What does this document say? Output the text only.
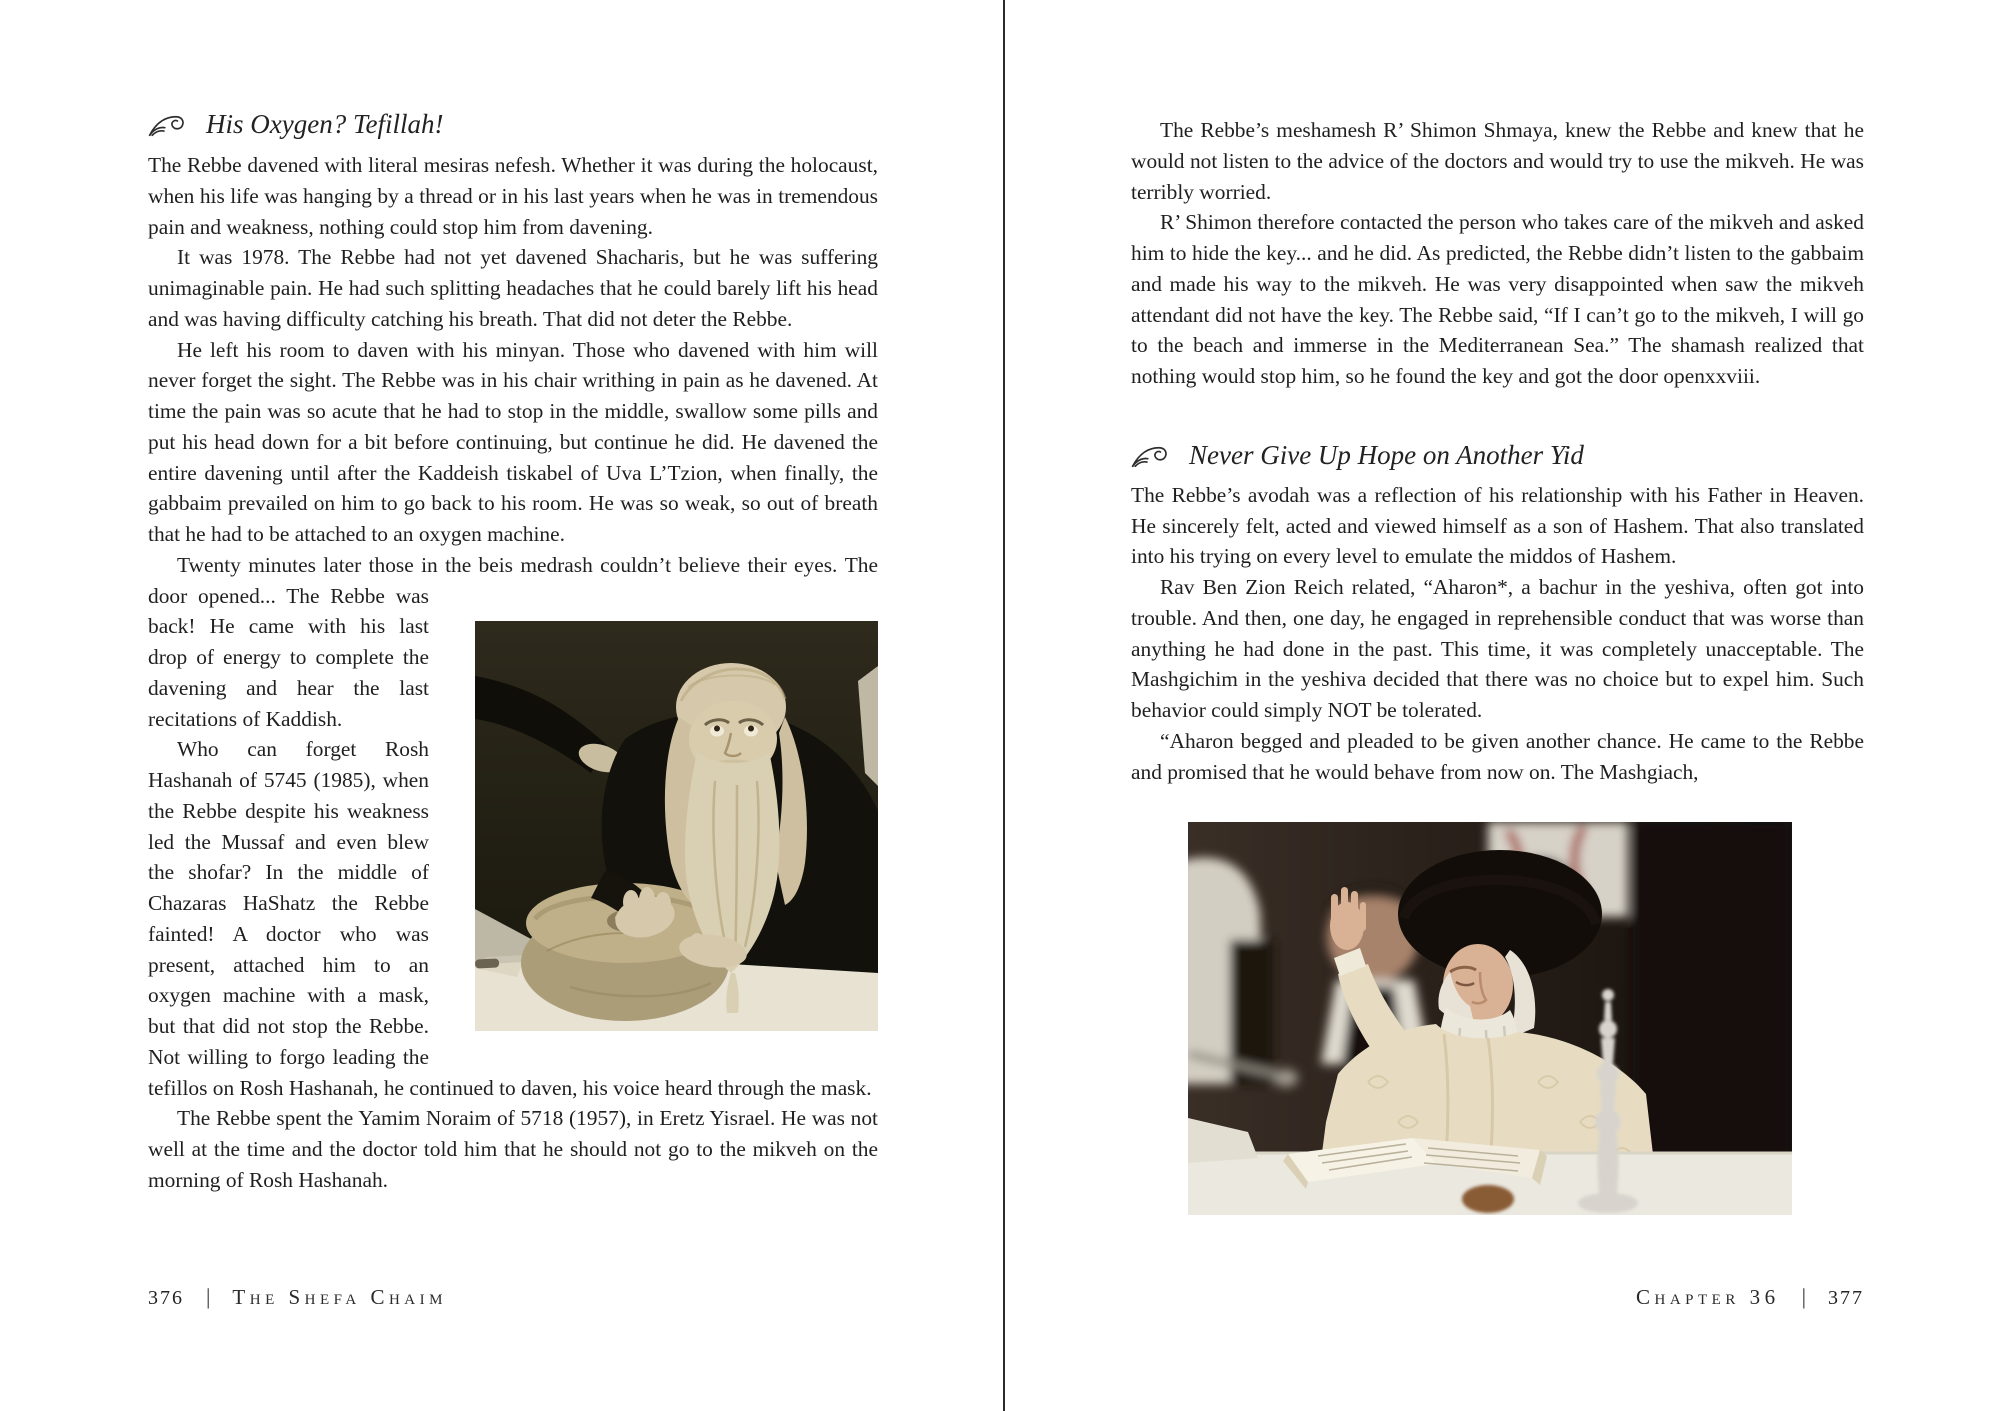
His Oxygen? Tefillah!

The Rebbe davened with literal mesiras nefesh. Whether it was during the holocaust, when his life was hanging by a thread or in his last years when he was in tremendous pain and weakness, nothing could stop him from davening.

It was 1978. The Rebbe had not yet davened Shacharis, but he was suffering unimaginable pain. He had such splitting headaches that he could barely lift his head and was having difficulty catching his breath. That did not deter the Rebbe.

He left his room to daven with his minyan. Those who davened with him will never forget the sight. The Rebbe was in his chair writhing in pain as he davened. At time the pain was so acute that he had to stop in the middle, swallow some pills and put his head down for a bit before continuing, but continue he did. He davened the entire davening until after the Kaddeish tiskabel of Uva L’Tzion, when finally, the gabbaim prevailed on him to go back to his room. He was so weak, so out of breath that he had to be attached to an oxygen machine.

Twenty minutes later those in the beis medrash couldn’t believe their eyes.
The door opened... The Rebbe was back! He came with his last drop of energy to complete the davening and hear the last recitations of Kaddish.

Who can forget Rosh Hashanah of 5745 (1985), when the Rebbe despite his weakness led the Mussaf and even blew the shofar? In the middle of Chazaras HaShatz the Rebbe fainted! A doctor who was present, attached him to an oxygen machine with a mask, but that did not stop the Rebbe. Not willing to forgo leading the tefillos on Rosh Hashanah, he continued to daven, his voice heard through the mask.

The Rebbe spent the Yamim Noraim of 5718 (1957), in Eretz Yisrael. He was not well at the time and the doctor told him that he should not go to the mikveh on the morning of Rosh Hashanah.

The Rebbe’s meshamesh R’ Shimon Shmaya, knew the Rebbe and knew that he would not listen to the advice of the doctors and would try to use the mikveh. He was terribly worried.

R’ Shimon therefore contacted the person who takes care of the mikveh and asked him to hide the key... and he did. As predicted, the Rebbe didn’t listen to the gabbaim and made his way to the mikveh. He was very disappointed when saw the mikveh attendant did not have the key. The Rebbe said, “If I can’t go to the mikveh, I will go to the beach and immerse in the Mediterranean Sea.” The shamash realized that nothing would stop him, so he found the key and got the door openxxviii.

Never Give Up Hope on Another Yid

The Rebbe’s avodah was a reflection of his relationship with his Father in Heaven. He sincerely felt, acted and viewed himself as a son of Hashem. That also translated into his trying on every level to emulate the middos of Hashem.

Rav Ben Zion Reich related, “Aharon*, a bachur in the yeshiva, often got into trouble. And then, one day, he engaged in reprehensible conduct that was worse than anything he had done in the past. This time, it was completely unacceptable. The Mashgichim in the yeshiva decided that there was no choice but to expel him. Such behavior could simply NOT be tolerated.

“Aharon begged and pleaded to be given another chance. He came to the Rebbe and promised that he would behave from now on. The Mashgiach,

376 | The Shefa Chaim	Chapter 36 | 377
